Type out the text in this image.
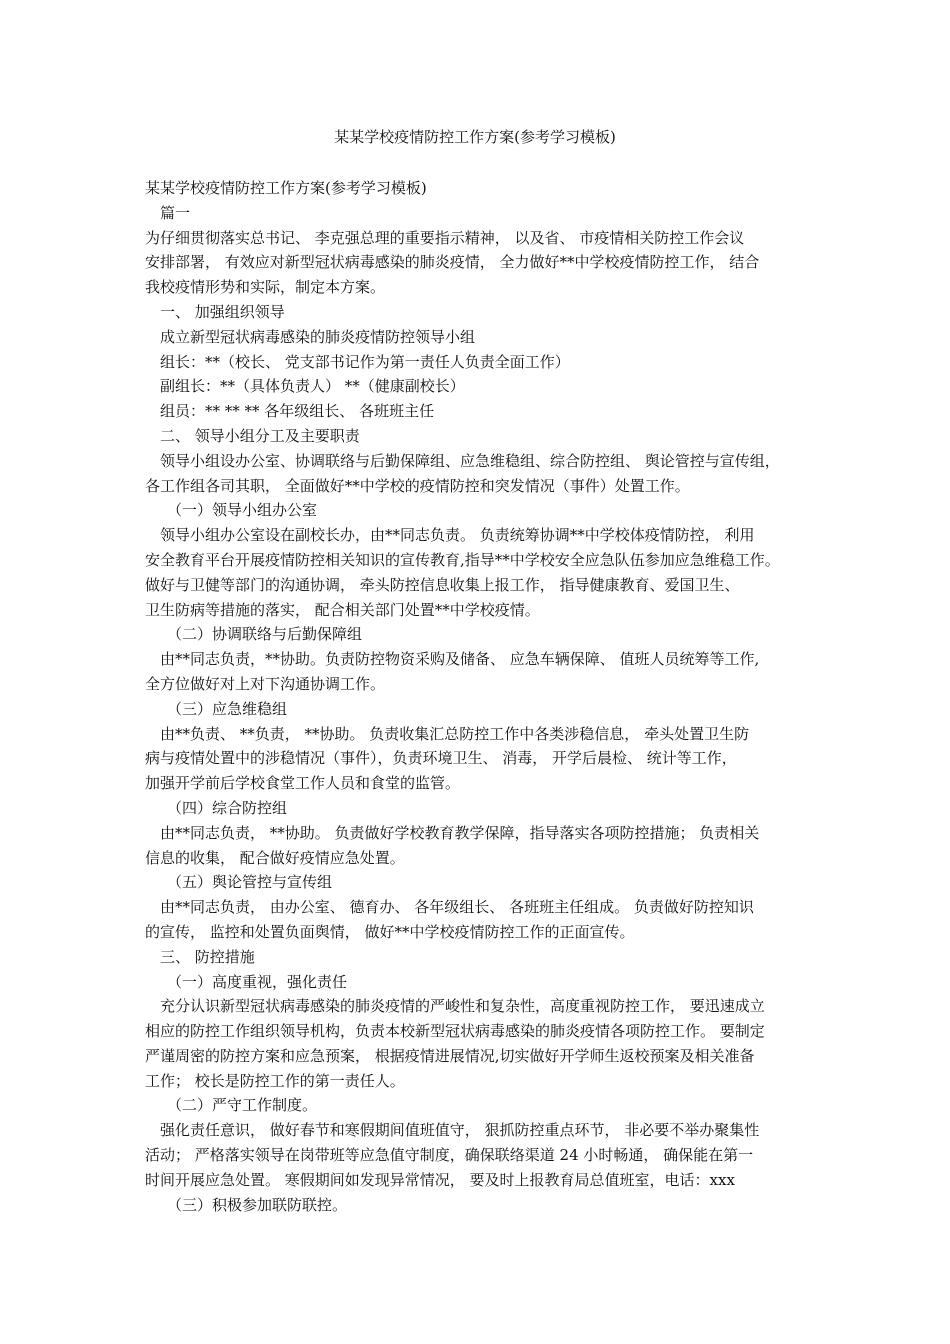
某某学校疫情防控工作方案(参考学习模板)
某某学校疫情防控工作方案(参考学习模板)
篇一
为仔细贯彻落实总书记、 李克强总理的重要指示精神， 以及省、 市疫情相关防控工作会议
安排部署， 有效应对新型冠状病毒感染的肺炎疫情， 全力做好**中学校疫情防控工作， 结合
我校疫情形势和实际，制定本方案。
一、 加强组织领导
成立新型冠状病毒感染的肺炎疫情防控领导小组
组长：**（校长、 党支部书记作为第一责任人负责全面工作）
副组长：**（具体负责人） **（健康副校长）
组员：** ** ** 各年级组长、 各班班主任
二、 领导小组分工及主要职责
领导小组设办公室、协调联络与后勤保障组、应急维稳组、综合防控组、 舆论管控与宣传组，
各工作组各司其职， 全面做好**中学校的疫情防控和突发情况（事件）处置工作。
（一）领导小组办公室
领导小组办公室设在副校长办，由**同志负责。 负责统筹协调**中学校体疫情防控， 利用
安全教育平台开展疫情防控相关知识的宣传教育,指导**中学校安全应急队伍参加应急维稳工作。
做好与卫健等部门的沟通协调， 牵头防控信息收集上报工作， 指导健康教育、爱国卫生、
卫生防病等措施的落实， 配合相关部门处置**中学校疫情。
（二）协调联络与后勤保障组
由**同志负责，**协助。负责防控物资采购及储备、 应急车辆保障、 值班人员统筹等工作,
全方位做好对上对下沟通协调工作。
（三）应急维稳组
由**负责、 **负责， **协助。 负责收集汇总防控工作中各类涉稳信息， 牵头处置卫生防
病与疫情处置中的涉稳情况（事件），负责环境卫生、 消毒， 开学后晨检、 统计等工作，
加强开学前后学校食堂工作人员和食堂的监管。
（四）综合防控组
由**同志负责， **协助。 负责做好学校教育教学保障，指导落实各项防控措施； 负责相关
信息的收集， 配合做好疫情应急处置。
（五）舆论管控与宣传组
由**同志负责， 由办公室、 德育办、 各年级组长、 各班班主任组成。 负责做好防控知识
的宣传， 监控和处置负面舆情， 做好**中学校疫情防控工作的正面宣传。
三、 防控措施
（一）高度重视，强化责任
充分认识新型冠状病毒感染的肺炎疫情的严峻性和复杂性，高度重视防控工作， 要迅速成立
相应的防控工作组织领导机构，负责本校新型冠状病毒感染的肺炎疫情各项防控工作。 要制定
严谨周密的防控方案和应急预案， 根据疫情进展情况,切实做好开学师生返校预案及相关准备
工作； 校长是防控工作的第一责任人。
（二）严守工作制度。
强化责任意识， 做好春节和寒假期间值班值守， 狠抓防控重点环节， 非必要不举办聚集性
活动； 严格落实领导在岗带班等应急值守制度，确保联络渠道 24 小时畅通， 确保能在第一
时间开展应急处置。 寒假期间如发现异常情况， 要及时上报教育局总值班室，电话：xxx
（三）积极参加联防联控。
